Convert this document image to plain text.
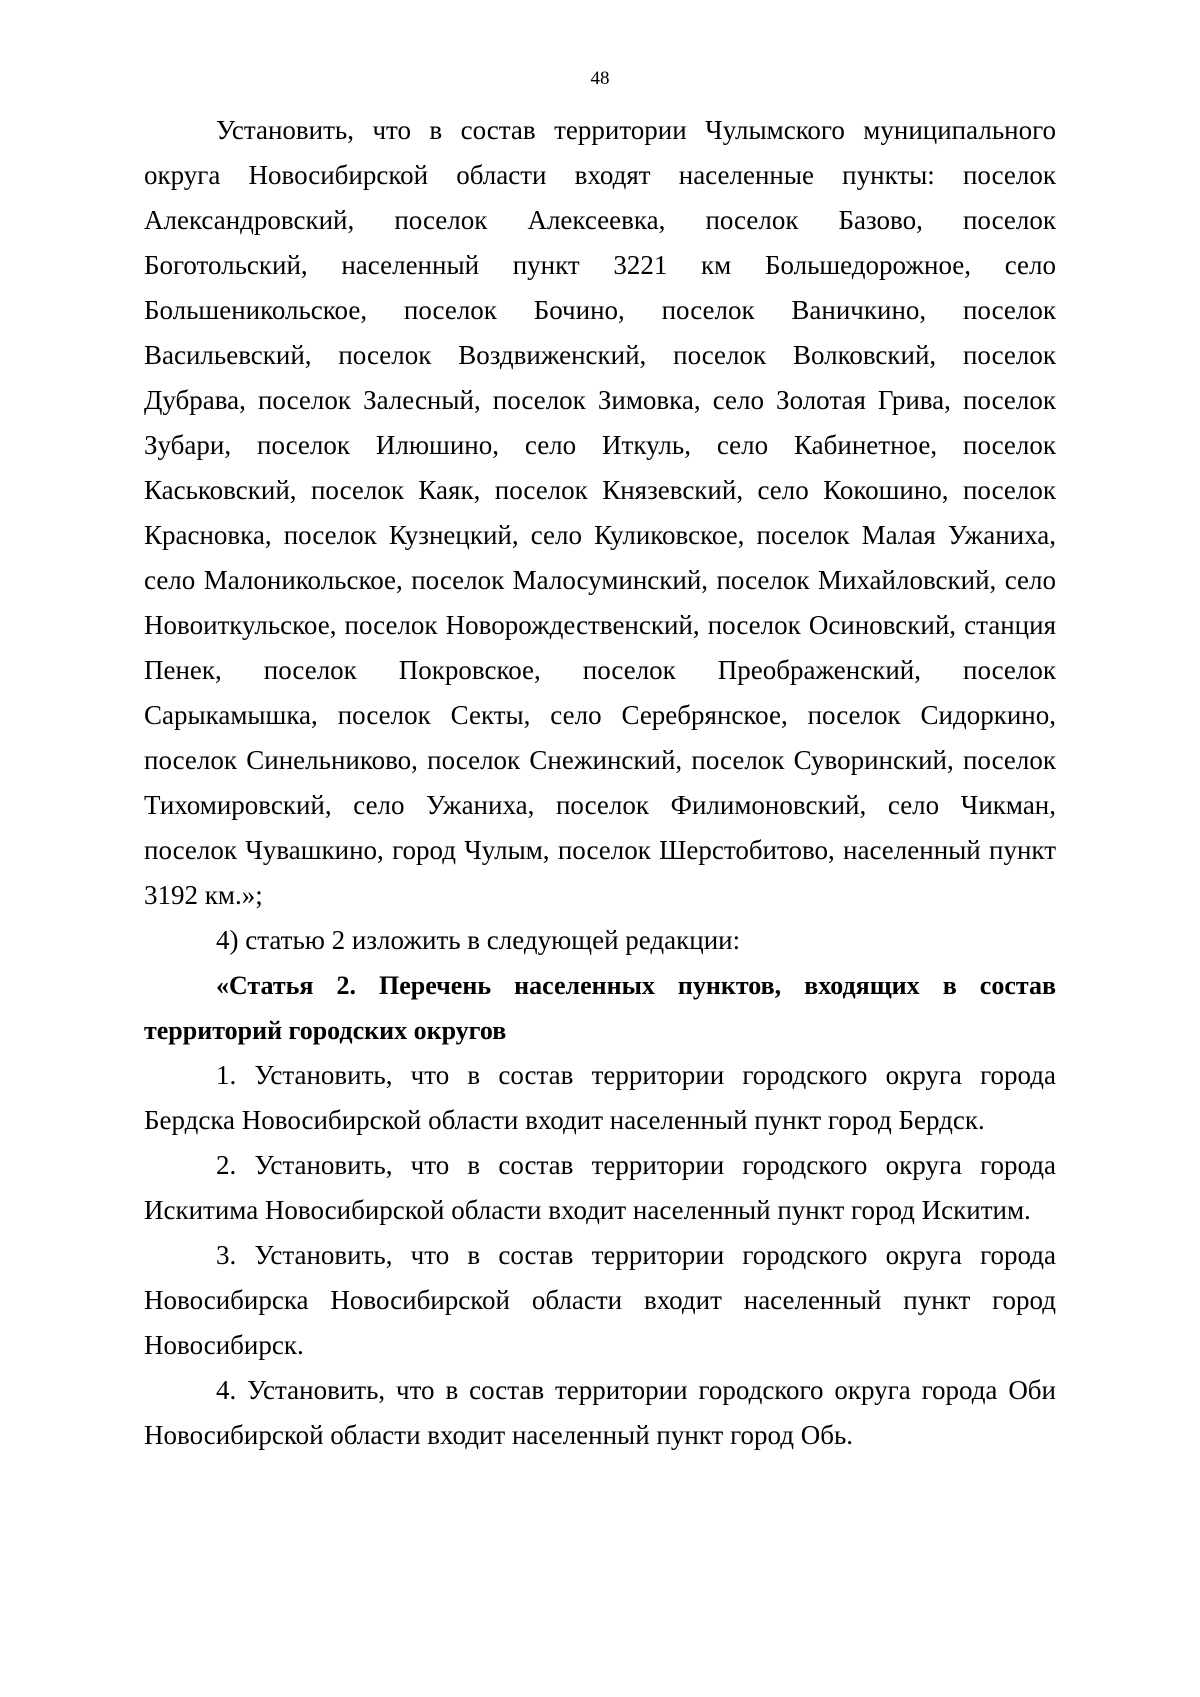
48

Установить, что в состав территории Чулымского муниципального округа Новосибирской области входят населенные пункты: поселок Александровский, поселок Алексеевка, поселок Базово, поселок Боготольский, населенный пункт 3221 км Большедорожное, село Большеникольское, поселок Бочино, поселок Ваничкино, поселок Васильевский, поселок Воздвиженский, поселок Волковский, поселок Дубрава, поселок Залесный, поселок Зимовка, село Золотая Грива, поселок Зубари, поселок Илюшино, село Иткуль, село Кабинетное, поселок Каськовский, поселок Каяк, поселок Князевский, село Кокошино, поселок Красновка, поселок Кузнецкий, село Куликовское, поселок Малая Ужаниха, село Малоникольское, поселок Малосуминский, поселок Михайловский, село Новоиткульское, поселок Новорождественский, поселок Осиновский, станция Пенек, поселок Покровское, поселок Преображенский, поселок Сарыкамышка, поселок Секты, село Серебрянское, поселок Сидоркино, поселок Синельниково, поселок Снежинский, поселок Суворинский, поселок Тихомировский, село Ужаниха, поселок Филимоновский, село Чикман, поселок Чувашкино, город Чулым, поселок Шерстобитово, населенный пункт 3192 км.»;

4) статью 2 изложить в следующей редакции:

«Статья 2. Перечень населенных пунктов, входящих в состав территорий городских округов

1. Установить, что в состав территории городского округа города Бердска Новосибирской области входит населенный пункт город Бердск.

2. Установить, что в состав территории городского округа города Искитима Новосибирской области входит населенный пункт город Искитим.

3. Установить, что в состав территории городского округа города Новосибирска Новосибирской области входит населенный пункт город Новосибирск.

4. Установить, что в состав территории городского округа города Оби Новосибирской области входит населенный пункт город Обь.
